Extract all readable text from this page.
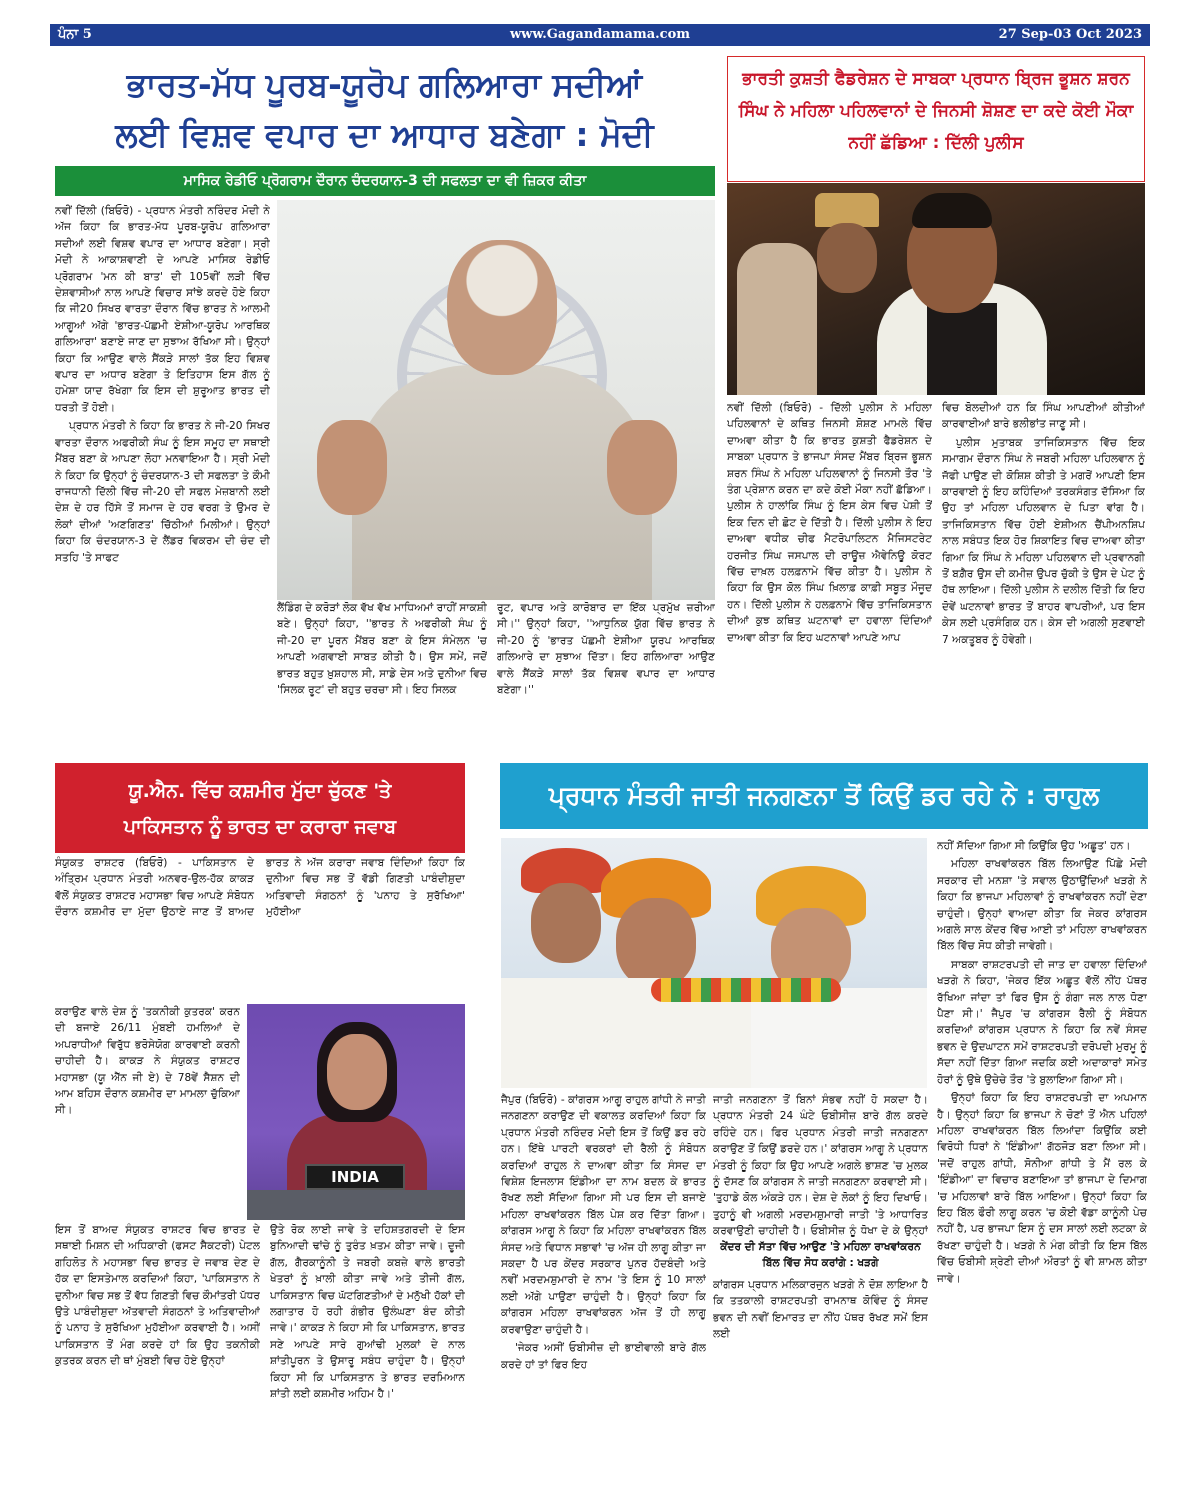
www.Gagandamama.com
ਪੰਨਾ 5	27 Sep-03 Oct 2023
ਭਾਰਤ-ਮੱਧ ਪੂਰਬ-ਯੂਰੋਪ ਗਲਿਆਰਾ ਸਦੀਆਂ
ਲਈ ਵਿਸ਼ਵ ਵਪਾਰ ਦਾ ਆਧਾਰ ਬਣੇਗਾ : ਮੋਦੀ
ਮਾਸਿਕ ਰੇਡੀਓ ਪ੍ਰੋਗਰਾਮ ਦੌਰਾਨ ਚੰਦਰਯਾਨ-3 ਦੀ ਸਫਲਤਾ ਦਾ ਵੀ ਜ਼ਿਕਰ ਕੀਤਾ

ਨਵੀਂ ਦਿੱਲੀ (ਬਿਓਰੋ) - ਪ੍ਰਧਾਨ ਮੰਤਰੀ ਨਰਿੰਦਰ ਮੋਦੀ ਨੇ ਅੱਜ ਕਿਹਾ ਕਿ ਭਾਰਤ-ਮੱਧ ਪੂਰਬ-ਯੂਰੋਪ ਗਲਿਆਰਾ ਸਦੀਆਂ ਲਈ ਵਿਸ਼ਵ ਵਪਾਰ ਦਾ ਆਧਾਰ ਬਣੇਗਾ। ਸ੍ਰੀ ਮੋਦੀ ਨੇ ਆਕਾਸ਼ਵਾਣੀ ਦੇ ਆਪਣੇ ਮਾਸਿਕ ਰੇਡੀਓ ਪ੍ਰੋਗਰਾਮ 'ਮਨ ਕੀ ਬਾਤ' ਦੀ 105ਵੀਂ ਲੜੀ ਵਿੱਚ ਦੇਸ਼ਵਾਸੀਆਂ ਨਾਲ ਆਪਣੇ ਵਿਚਾਰ ਸਾਂਝੇ ਕਰਦੇ ਹੋਏ ਕਿਹਾ ਕਿ ਜੀ20 ਸਿਖਰ ਵਾਰਤਾ ਦੌਰਾਨ ਵਿੱਚ ਭਾਰਤ ਨੇ ਆਲਮੀ ਆਗੂਆਂ ਅੱਗੇ 'ਭਾਰਤ-ਪੱਛਮੀ ਏਸ਼ੀਆ-ਯੂਰੋਪ ਆਰਥਿਕ ਗਲਿਆਰਾ' ਬਣਾਏ ਜਾਣ ਦਾ ਸੁਝਾਅ ਰੱਖਿਆ ਸੀ। ਉਨ੍ਹਾਂ ਕਿਹਾ ਕਿ ਆਉਣ ਵਾਲੇ ਸੈਂਕੜੇ ਸਾਲਾਂ ਤੱਕ ਇਹ ਵਿਸ਼ਵ ਵਪਾਰ ਦਾ ਅਧਾਰ ਬਣੇਗਾ ਤੇ ਇਤਿਹਾਸ ਇਸ ਗੱਲ ਨੂੰ ਹਮੇਸ਼ਾ ਯਾਦ ਰੱਖੇਗਾ ਕਿ ਇਸ ਦੀ ਸ਼ੁਰੂਆਤ ਭਾਰਤ ਦੀ ਧਰਤੀ ਤੋਂ ਹੋਈ।

ਪ੍ਰਧਾਨ ਮੰਤਰੀ ਨੇ ਕਿਹਾ ਕਿ ਭਾਰਤ ਨੇ ਜੀ-20 ਸਿਖਰ ਵਾਰਤਾ ਦੌਰਾਨ ਅਫਰੀਕੀ ਸੰਘ ਨੂੰ ਇਸ ਸਮੂਹ ਦਾ ਸਥਾਈ ਮੈਂਬਰ ਬਣਾ ਕੇ ਆਪਣਾ ਲੋਹਾ ਮਨਵਾਇਆ ਹੈ। ਸ੍ਰੀ ਮੋਦੀ ਨੇ ਕਿਹਾ ਕਿ ਉਨ੍ਹਾਂ ਨੂੰ ਚੰਦਰਯਾਨ-3 ਦੀ ਸਫਲਤਾ ਤੇ ਕੌਮੀ ਰਾਜਧਾਨੀ ਦਿੱਲੀ ਵਿੱਚ ਜੀ-20 ਦੀ ਸਫਲ ਮੇਜ਼ਬਾਨੀ ਲਈ ਦੇਸ਼ ਦੇ ਹਰ ਹਿੱਸੇ ਤੋਂ ਸਮਾਜ ਦੇ ਹਰ ਵਰਗ ਤੇ ਉਮਰ ਦੇ ਲੋਕਾਂ ਦੀਆਂ 'ਅਣਗਿਣਤ' ਚਿੱਠੀਆਂ ਮਿਲੀਆਂ। ਉਨ੍ਹਾਂ ਕਿਹਾ ਕਿ ਚੰਦਰਯਾਨ-3 ਦੇ ਲੈਂਡਰ ਵਿਕਰਮ ਦੀ ਚੰਦ ਦੀ ਸਤਹਿ 'ਤੇ ਸਾਫਟ

ਲੈਂਡਿੰਗ ਦੇ ਕਰੋੜਾਂ ਲੋਕ ਵੱਖ ਵੱਖ ਮਾਧਿਅਮਾਂ ਰਾਹੀਂ ਸਾਕਸ਼ੀ ਬਣੇ। ਉਨ੍ਹਾਂ ਕਿਹਾ, ''ਭਾਰਤ ਨੇ ਅਫਰੀਕੀ ਸੰਘ ਨੂੰ ਜੀ-20 ਦਾ ਪੂਰਨ ਮੈਂਬਰ ਬਣਾ ਕੇ ਇਸ ਸੰਮੇਲਨ 'ਚ ਆਪਣੀ ਅਗਵਾਈ ਸਾਬਤ ਕੀਤੀ ਹੈ। ਉਸ ਸਮੇਂ, ਜਦੋਂ ਭਾਰਤ ਬਹੁਤ ਖ਼ੁਸ਼ਹਾਲ ਸੀ, ਸਾਡੇ ਦੇਸ ਅਤੇ ਦੁਨੀਆ ਵਿਚ 'ਸਿਲਕ ਰੂਟ' ਦੀ ਬਹੁਤ ਚਰਚਾ ਸੀ। ਇਹ ਸਿਲਕ

ਰੂਟ, ਵਪਾਰ ਅਤੇ ਕਾਰੋਬਾਰ ਦਾ ਇੱਕ ਪ੍ਰਮੁੱਖ ਜ਼ਰੀਆ ਸੀ।'' ਉਨ੍ਹਾਂ ਕਿਹਾ, ''ਆਧੁਨਿਕ ਯੁੱਗ ਵਿੱਚ ਭਾਰਤ ਨੇ ਜੀ-20 ਨੂੰ 'ਭਾਰਤ ਪੱਛਮੀ ਏਸ਼ੀਆ ਯੂਰਪ ਆਰਥਿਕ ਗਲਿਆਰੇ ਦਾ ਸੁਝਾਅ ਦਿੱਤਾ। ਇਹ ਗਲਿਆਰਾ ਆਉਣ ਵਾਲੇ ਸੈਂਕੜੇ ਸਾਲਾਂ ਤੱਕ ਵਿਸ਼ਵ ਵਪਾਰ ਦਾ ਆਧਾਰ ਬਣੇਗਾ।''

ਭਾਰਤੀ ਕੁਸ਼ਤੀ ਫੈਡਰੇਸ਼ਨ ਦੇ ਸਾਬਕਾ ਪ੍ਰਧਾਨ ਬ੍ਰਿਜ ਭੂਸ਼ਨ ਸ਼ਰਨ ਸਿੰਘ ਨੇ ਮਹਿਲਾ ਪਹਿਲਵਾਨਾਂ ਦੇ ਜਿਨਸੀ ਸ਼ੋਸ਼ਣ ਦਾ ਕਦੇ ਕੋਈ ਮੌਕਾ ਨਹੀਂ ਛੱਡਿਆ : ਦਿੱਲੀ ਪੁਲੀਸ

ਨਵੀਂ ਦਿੱਲੀ (ਬਿਓਰੋ) - ਦਿੱਲੀ ਪੁਲੀਸ ਨੇ ਮਹਿਲਾ ਪਹਿਲਵਾਨਾਂ ਦੇ ਕਥਿਤ ਜਿਨਸੀ ਸ਼ੋਸ਼ਣ ਮਾਮਲੇ ਵਿੱਚ ਦਾਅਵਾ ਕੀਤਾ ਹੈ ਕਿ ਭਾਰਤ ਕੁਸ਼ਤੀ ਫੈਡਰੇਸ਼ਨ ਦੇ ਸਾਬਕਾ ਪ੍ਰਧਾਨ ਤੇ ਭਾਜਪਾ ਸੰਸਦ ਮੈਂਬਰ ਬ੍ਰਿਜ ਭੂਸ਼ਨ ਸ਼ਰਨ ਸਿੰਘ ਨੇ ਮਹਿਲਾ ਪਹਿਲਵਾਨਾਂ ਨੂੰ ਜਿਨਸੀ ਤੌਰ 'ਤੇ ਤੰਗ ਪ੍ਰੇਸ਼ਾਨ ਕਰਨ ਦਾ ਕਦੇ ਕੋਈ ਮੌਕਾ ਨਹੀਂ ਛੱਡਿਆ। ਪੁਲੀਸ ਨੇ ਹਾਲਾਂਕਿ ਸਿੰਘ ਨੂੰ ਇਸ ਕੇਸ ਵਿਚ ਪੇਸ਼ੀ ਤੋਂ ਇਕ ਦਿਨ ਦੀ ਛੋਟ ਦੇ ਦਿੱਤੀ ਹੈ। ਦਿੱਲੀ ਪੁਲੀਸ ਨੇ ਇਹ ਦਾਅਵਾ ਵਧੀਕ ਚੀਫ ਮੈਟਰੋਪਾਲਿਟਨ ਮੈਜਿਸਟਰੇਟ ਹਰਜੀਤ ਸਿੰਘ ਜਸਪਾਲ ਦੀ ਰਾਊਜ਼ ਐਵੇਨਿਊ ਕੋਰਟ ਵਿੱਚ ਦਾਖ਼ਲ ਹਲਫ਼ਨਾਮੇ ਵਿੱਚ ਕੀਤਾ ਹੈ। ਪੁਲੀਸ ਨੇ ਕਿਹਾ ਕਿ ਉਸ ਕੋਲ ਸਿੰਘ ਖ਼ਿਲਾਫ਼ ਕਾਫ਼ੀ ਸਬੂਤ ਮੌਜੂਦ ਹਨ। ਦਿੱਲੀ ਪੁਲੀਸ ਨੇ ਹਲਫ਼ਨਾਮੇ ਵਿੱਚ ਤਾਜਿਕਿਸਤਾਨ ਦੀਆਂ ਕੁਝ ਕਥਿਤ ਘਟਨਾਵਾਂ ਦਾ ਹਵਾਲਾ ਦਿੰਦਿਆਂ ਦਾਅਵਾ ਕੀਤਾ ਕਿ ਇਹ ਘਟਨਾਵਾਂ ਆਪਣੇ ਆਪ

ਵਿਚ ਬੋਲਦੀਆਂ ਹਨ ਕਿ ਸਿੰਘ ਆਪਣੀਆਂ ਕੀਤੀਆਂ ਕਾਰਵਾਈਆਂ ਬਾਰੇ ਭਲੀਭਾਂਤ ਜਾਣੂ ਸੀ।

ਪੁਲੀਸ ਮੁਤਾਬਕ ਤਾਜਿਕਿਸਤਾਨ ਵਿੱਚ ਇਕ ਸਮਾਗਮ ਦੌਰਾਨ ਸਿੰਘ ਨੇ ਜਬਰੀ ਮਹਿਲਾ ਪਹਿਲਵਾਨ ਨੂੰ ਜੱਫੀ ਪਾਉਣ ਦੀ ਕੋਸ਼ਿਸ਼ ਕੀਤੀ ਤੇ ਮਗਰੋਂ ਆਪਣੀ ਇਸ ਕਾਰਵਾਈ ਨੂੰ ਇਹ ਕਹਿੰਦਿਆਂ ਤਰਕਸੰਗਤ ਦੱਸਿਆ ਕਿ ਉਹ ਤਾਂ ਮਹਿਲਾ ਪਹਿਲਵਾਨ ਦੇ ਪਿਤਾ ਵਾਂਗ ਹੈ। ਤਾਜਿਕਿਸਤਾਨ ਵਿੱਚ ਹੋਈ ਏਸ਼ੀਅਨ ਚੈਂਪੀਅਨਸ਼ਿਪ ਨਾਲ ਸਬੰਧਤ ਇਕ ਹੋਰ ਸ਼ਿਕਾਇਤ ਵਿਚ ਦਾਅਵਾ ਕੀਤਾ ਗਿਆ ਕਿ ਸਿੰਘ ਨੇ ਮਹਿਲਾ ਪਹਿਲਵਾਨ ਦੀ ਪ੍ਰਵਾਨਗੀ ਤੋਂ ਬਗ਼ੈਰ ਉਸ ਦੀ ਕਮੀਜ਼ ਉਪਰ ਚੁੱਕੀ ਤੇ ਉਸ ਦੇ ਪੇਟ ਨੂੰ ਹੱਥ ਲਾਇਆ। ਦਿੱਲੀ ਪੁਲੀਸ ਨੇ ਦਲੀਲ ਦਿੱਤੀ ਕਿ ਇਹ ਦੋਵੇਂ ਘਟਨਾਵਾਂ ਭਾਰਤ ਤੋਂ ਬਾਹਰ ਵਾਪਰੀਆਂ, ਪਰ ਇਸ ਕੇਸ ਲਈ ਪ੍ਰਸੰਗਿਕ ਹਨ। ਕੇਸ ਦੀ ਅਗਲੀ ਸੁਣਵਾਈ 7 ਅਕਤੂਬਰ ਨੂੰ ਹੋਵੇਗੀ।

ਯੂ.ਐਨ. ਵਿੱਚ ਕਸ਼ਮੀਰ ਮੁੱਦਾ ਚੁੱਕਣ 'ਤੇ
ਪਾਕਿਸਤਾਨ ਨੂੰ ਭਾਰਤ ਦਾ ਕਰਾਰਾ ਜਵਾਬ

ਸੰਯੁਕਤ ਰਾਸ਼ਟਰ (ਬਿਓਰੋ) - ਪਾਕਿਸਤਾਨ ਦੇ ਅੰਤ੍ਰਿਮ ਪ੍ਰਧਾਨ ਮੰਤਰੀ ਅਨਵਰ-ਉਲ-ਹੱਕ ਕਾਕੜ ਵੱਲੋਂ ਸੰਯੁਕਤ ਰਾਸ਼ਟਰ ਮਹਾਸਭਾ ਵਿਚ ਆਪਣੇ ਸੰਬੋਧਨ ਦੌਰਾਨ ਕਸ਼ਮੀਰ ਦਾ ਮੁੱਦਾ ਉਠਾਏ ਜਾਣ ਤੋਂ ਬਾਅਦ ਭਾਰਤ ਨੇ ਅੱਜ ਕਰਾਰਾ ਜਵਾਬ ਦਿੰਦਿਆਂ ਕਿਹਾ ਕਿ ਦੁਨੀਆ ਵਿਚ ਸਭ ਤੋਂ ਵੱਡੀ ਗਿਣਤੀ ਪਾਬੰਦੀਸ਼ੁਦਾ ਅਤਿਵਾਦੀ ਸੰਗਠਨਾਂ ਨੂੰ 'ਪਨਾਹ ਤੇ ਸੁਰੱਖਿਆ' ਮੁਹੱਈਆ

ਕਰਾਉਣ ਵਾਲੇ ਦੇਸ਼ ਨੂੰ 'ਤਕਨੀਕੀ ਕੁਤਰਕ' ਕਰਨ ਦੀ ਬਜਾਏ 26/11 ਮੁੰਬਈ ਹਮਲਿਆਂ ਦੇ ਅਪਰਾਧੀਆਂ ਵਿਰੁੱਧ ਭਰੋਸੇਯੋਗ ਕਾਰਵਾਈ ਕਰਨੀ ਚਾਹੀਦੀ ਹੈ। ਕਾਕੜ ਨੇ ਸੰਯੁਕਤ ਰਾਸ਼ਟਰ ਮਹਾਸਭਾ (ਯੂ ਐੱਨ ਜੀ ਏ) ਦੇ 78ਵੇਂ ਸੈਸ਼ਨ ਦੀ ਆਮ ਬਹਿਸ ਦੌਰਾਨ ਕਸ਼ਮੀਰ ਦਾ ਮਾਮਲਾ ਚੁੱਕਿਆ ਸੀ।

INDIA

ਇਸ ਤੋਂ ਬਾਅਦ ਸੰਯੁਕਤ ਰਾਸ਼ਟਰ ਵਿਚ ਭਾਰਤ ਦੇ ਸਥਾਈ ਮਿਸ਼ਨ ਦੀ ਅਧਿਕਾਰੀ (ਫਸਟ ਸੈਕਟਰੀ) ਪੇਟਲ ਗਹਿਲੋਤ ਨੇ ਮਹਾਸਭਾ ਵਿਚ ਭਾਰਤ ਦੇ ਜਵਾਬ ਦੇਣ ਦੇ ਹੱਕ ਦਾ ਇਸਤੇਮਾਲ ਕਰਦਿਆਂ ਕਿਹਾ, 'ਪਾਕਿਸਤਾਨ ਨੇ ਦੁਨੀਆ ਵਿਚ ਸਭ ਤੋਂ ਵੱਧ ਗਿਣਤੀ ਵਿਚ ਕੌਮਾਂਤਰੀ ਪੱਧਰ ਉਤੇ ਪਾਬੰਦੀਸ਼ੁਦਾ ਅੱਤਵਾਦੀ ਸੰਗਠਨਾਂ ਤੇ ਅਤਿਵਾਦੀਆਂ ਨੂੰ ਪਨਾਹ ਤੇ ਸੁਰੱਖਿਆ ਮੁਹੱਈਆ ਕਰਵਾਈ ਹੈ। ਅਸੀਂ ਪਾਕਿਸਤਾਨ ਤੋਂ ਮੰਗ ਕਰਦੇ ਹਾਂ ਕਿ ਉਹ ਤਕਨੀਕੀ ਕੁਤਰਕ ਕਰਨ ਦੀ ਥਾਂ ਮੁੰਬਈ ਵਿਚ ਹੋਏ ਉਨ੍ਹਾਂ

ਉਤੇ ਰੋਕ ਲਾਈ ਜਾਵੇ ਤੇ ਦਹਿਸ਼ਤਗਰਦੀ ਦੇ ਇਸ ਬੁਨਿਆਦੀ ਢਾਂਚੇ ਨੂੰ ਤੁਰੰਤ ਖ਼ਤਮ ਕੀਤਾ ਜਾਵੇ। ਦੂਜੀ ਗੱਲ, ਗੈਰਕਾਨੂੰਨੀ ਤੇ ਜਬਰੀ ਕਬਜ਼ੇ ਵਾਲੇ ਭਾਰਤੀ ਖੇਤਰਾਂ ਨੂੰ ਖ਼ਾਲੀ ਕੀਤਾ ਜਾਵੇ ਅਤੇ ਤੀਜੀ ਗੱਲ, ਪਾਕਿਸਤਾਨ ਵਿਚ ਘੱਟਗਿਣਤੀਆਂ ਦੇ ਮਨੁੱਖੀ ਹੱਕਾਂ ਦੀ ਲਗਾਤਾਰ ਹੋ ਰਹੀ ਗੰਭੀਰ ਉਲੰਘਣਾ ਬੰਦ ਕੀਤੀ ਜਾਵੇ।' ਕਾਕੜ ਨੇ ਕਿਹਾ ਸੀ ਕਿ ਪਾਕਿਸਤਾਨ, ਭਾਰਤ ਸਣੇ ਆਪਣੇ ਸਾਰੇ ਗੁਆਂਢੀ ਮੁਲਕਾਂ ਦੇ ਨਾਲ ਸ਼ਾਂਤੀਪੂਰਨ ਤੇ ਉਸਾਰੂ ਸਬੰਧ ਚਾਹੁੰਦਾ ਹੈ। ਉਨ੍ਹਾਂ ਕਿਹਾ ਸੀ ਕਿ ਪਾਕਿਸਤਾਨ ਤੇ ਭਾਰਤ ਦਰਮਿਆਨ ਸ਼ਾਂਤੀ ਲਈ ਕਸ਼ਮੀਰ ਅਹਿਮ ਹੈ।'

ਪ੍ਰਧਾਨ ਮੰਤਰੀ ਜਾਤੀ ਜਨਗਣਨਾ ਤੋਂ ਕਿਉਂ ਡਰ ਰਹੇ ਨੇ : ਰਾਹੁਲ

ਜੈਪੁਰ (ਬਿਓਰੋ) - ਕਾਂਗਰਸ ਆਗੂ ਰਾਹੁਲ ਗਾਂਧੀ ਨੇ ਜਾਤੀ ਜਨਗਣਨਾ ਕਰਾਉਣ ਦੀ ਵਕਾਲਤ ਕਰਦਿਆਂ ਕਿਹਾ ਕਿ ਪ੍ਰਧਾਨ ਮੰਤਰੀ ਨਰਿੰਦਰ ਮੋਦੀ ਇਸ ਤੋਂ ਕਿਉਂ ਡਰ ਰਹੇ ਹਨ। ਇੱਥੇ ਪਾਰਟੀ ਵਰਕਰਾਂ ਦੀ ਰੈਲੀ ਨੂੰ ਸੰਬੋਧਨ ਕਰਦਿਆਂ ਰਾਹੁਲ ਨੇ ਦਾਅਵਾ ਕੀਤਾ ਕਿ ਸੰਸਦ ਦਾ ਵਿਸ਼ੇਸ਼ ਇਜਲਾਸ ਇੰਡੀਆ ਦਾ ਨਾਮ ਬਦਲ ਕੇ ਭਾਰਤ ਰੱਖਣ ਲਈ ਸੱਦਿਆ ਗਿਆ ਸੀ ਪਰ ਇਸ ਦੀ ਬਜਾਏ ਮਹਿਲਾ ਰਾਖਵਾਂਕਰਨ ਬਿੱਲ ਪੇਸ਼ ਕਰ ਦਿੱਤਾ ਗਿਆ। ਕਾਂਗਰਸ ਆਗੂ ਨੇ ਕਿਹਾ ਕਿ ਮਹਿਲਾ ਰਾਖਵਾਂਕਰਨ ਬਿੱਲ ਸੰਸਦ ਅਤੇ ਵਿਧਾਨ ਸਭਾਵਾਂ 'ਚ ਅੱਜ ਹੀ ਲਾਗੂ ਕੀਤਾ ਜਾ ਸਕਦਾ ਹੈ ਪਰ ਕੇਂਦਰ ਸਰਕਾਰ ਪੁਨਰ ਹੱਦਬੰਦੀ ਅਤੇ ਨਵੀਂ ਮਰਦਮਸ਼ੁਮਾਰੀ ਦੇ ਨਾਮ 'ਤੇ ਇਸ ਨੂੰ 10 ਸਾਲਾਂ ਲਈ ਅੱਗੇ ਪਾਉਣਾ ਚਾਹੁੰਦੀ ਹੈ। ਉਨ੍ਹਾਂ ਕਿਹਾ ਕਿ ਕਾਂਗਰਸ ਮਹਿਲਾ ਰਾਖਵਾਂਕਰਨ ਅੱਜ ਤੋਂ ਹੀ ਲਾਗੂ ਕਰਵਾਉਣਾ ਚਾਹੁੰਦੀ ਹੈ।

'ਜੇਕਰ ਅਸੀਂ ਓਬੀਸੀਜ਼ ਦੀ ਭਾਈਵਾਲੀ ਬਾਰੇ ਗੱਲ ਕਰਦੇ ਹਾਂ ਤਾਂ ਫਿਰ ਇਹ

ਜਾਤੀ ਜਨਗਣਨਾ ਤੋਂ ਬਿਨਾਂ ਸੰਭਵ ਨਹੀਂ ਹੋ ਸਕਦਾ ਹੈ। ਪ੍ਰਧਾਨ ਮੰਤਰੀ 24 ਘੰਟੇ ਓਬੀਸੀਜ਼ ਬਾਰੇ ਗੱਲ ਕਰਦੇ ਰਹਿੰਦੇ ਹਨ। ਫਿਰ ਪ੍ਰਧਾਨ ਮੰਤਰੀ ਜਾਤੀ ਜਨਗਣਨਾ ਕਰਾਉਣ ਤੋਂ ਕਿਉਂ ਡਰਦੇ ਹਨ।' ਕਾਂਗਰਸ ਆਗੂ ਨੇ ਪ੍ਰਧਾਨ ਮੰਤਰੀ ਨੂੰ ਕਿਹਾ ਕਿ ਉਹ ਆਪਣੇ ਅਗਲੇ ਭਾਸ਼ਣ 'ਚ ਮੁਲਕ ਨੂੰ ਦੱਸਣ ਕਿ ਕਾਂਗਰਸ ਨੇ ਜਾਤੀ ਜਨਗਣਨਾ ਕਰਵਾਈ ਸੀ। 'ਤੁਹਾਡੇ ਕੋਲ ਅੰਕੜੇ ਹਨ। ਦੇਸ਼ ਦੇ ਲੋਕਾਂ ਨੂੰ ਇਹ ਦਿਖਾਓ। ਤੁਹਾਨੂੰ ਵੀ ਅਗਲੀ ਮਰਦਮਸ਼ੁਮਾਰੀ ਜਾਤੀ 'ਤੇ ਆਧਾਰਿਤ ਕਰਵਾਉਣੀ ਚਾਹੀਦੀ ਹੈ। ਓਬੀਸੀਜ਼ ਨੂੰ ਧੋਖਾ ਦੇ ਕੇ ਉਨ੍ਹਾਂ

ਕੇਂਦਰ ਦੀ ਸੱਤਾ ਵਿੱਚ ਆਉਣ 'ਤੇ ਮਹਿਲਾ ਰਾਖਵਾਂਕਰਨ ਬਿੱਲ ਵਿੱਚ ਸੋਧ ਕਰਾਂਗੇ : ਖੜਗੇ

ਕਾਂਗਰਸ ਪ੍ਰਧਾਨ ਮਲਿਕਾਰਜੁਨ ਖੜਗੇ ਨੇ ਦੋਸ਼ ਲਾਇਆ ਹੈ ਕਿ ਤਤਕਾਲੀ ਰਾਸ਼ਟਰਪਤੀ ਰਾਮਨਾਥ ਕੋਵਿੰਦ ਨੂੰ ਸੰਸਦ ਭਵਨ ਦੀ ਨਵੀਂ ਇਮਾਰਤ ਦਾ ਨੀਂਹ ਪੱਥਰ ਰੱਖਣ ਸਮੇਂ ਇਸ ਲਈ

ਨਹੀਂ ਸੱਦਿਆ ਗਿਆ ਸੀ ਕਿਉਂਕਿ ਉਹ 'ਅਛੂਤ' ਹਨ।

ਮਹਿਲਾ ਰਾਖਵਾਂਕਰਨ ਬਿੱਲ ਲਿਆਉਣ ਪਿੱਛੇ ਮੋਦੀ ਸਰਕਾਰ ਦੀ ਮਨਸ਼ਾ 'ਤੇ ਸਵਾਲ ਉਠਾਉਂਦਿਆਂ ਖੜਗੇ ਨੇ ਕਿਹਾ ਕਿ ਭਾਜਪਾ ਮਹਿਲਾਵਾਂ ਨੂੰ ਰਾਖਵਾਂਕਰਨ ਨਹੀਂ ਦੇਣਾ ਚਾਹੁੰਦੀ। ਉਨ੍ਹਾਂ ਵਾਅਦਾ ਕੀਤਾ ਕਿ ਜੇਕਰ ਕਾਂਗਰਸ ਅਗਲੇ ਸਾਲ ਕੇਂਦਰ ਵਿੱਚ ਆਈ ਤਾਂ ਮਹਿਲਾ ਰਾਖਵਾਂਕਰਨ ਬਿੱਲ ਵਿੱਚ ਸੋਧ ਕੀਤੀ ਜਾਵੇਗੀ।

ਸਾਬਕਾ ਰਾਸ਼ਟਰਪਤੀ ਦੀ ਜਾਤ ਦਾ ਹਵਾਲਾ ਦਿੰਦਿਆਂ ਖੜਗੇ ਨੇ ਕਿਹਾ, 'ਜੇਕਰ ਇੱਕ ਅਛੂਤ ਵੱਲੋਂ ਨੀਂਹ ਪੱਥਰ ਰੱਖਿਆ ਜਾਂਦਾ ਤਾਂ ਫਿਰ ਉਸ ਨੂੰ ਗੰਗਾ ਜਲ ਨਾਲ ਧੋਣਾ ਪੈਣਾ ਸੀ।' ਜੈਪੁਰ 'ਚ ਕਾਂਗਰਸ ਰੈਲੀ ਨੂੰ ਸੰਬੋਧਨ ਕਰਦਿਆਂ ਕਾਂਗਰਸ ਪ੍ਰਧਾਨ ਨੇ ਕਿਹਾ ਕਿ ਨਵੇਂ ਸੰਸਦ ਭਵਨ ਦੇ ਉਦਘਾਟਨ ਸਮੇਂ ਰਾਸ਼ਟਰਪਤੀ ਦਰੋਪਦੀ ਮੁਰਮੂ ਨੂੰ ਸੱਦਾ ਨਹੀਂ ਦਿੱਤਾ ਗਿਆ ਜਦਕਿ ਕਈ ਅਦਾਕਾਰਾਂ ਸਮੇਤ ਹੋਰਾਂ ਨੂੰ ਉਥੇ ਉਚੇਚੇ ਤੌਰ 'ਤੇ ਬੁਲਾਇਆ ਗਿਆ ਸੀ।

ਉਨ੍ਹਾਂ ਕਿਹਾ ਕਿ ਇਹ ਰਾਸ਼ਟਰਪਤੀ ਦਾ ਅਪਮਾਨ ਹੈ। ਉਨ੍ਹਾਂ ਕਿਹਾ ਕਿ ਭਾਜਪਾ ਨੇ ਚੋਣਾਂ ਤੋਂ ਐਨ ਪਹਿਲਾਂ ਮਹਿਲਾ ਰਾਖਵਾਂਕਰਨ ਬਿੱਲ ਲਿਆਂਦਾ ਕਿਉਂਕਿ ਕਈ ਵਿਰੋਧੀ ਧਿਰਾਂ ਨੇ 'ਇੰਡੀਆ' ਗੱਠਜੋੜ ਬਣਾ ਲਿਆ ਸੀ। 'ਜਦੋਂ ਰਾਹੁਲ ਗਾਂਧੀ, ਸੋਨੀਆ ਗਾਂਧੀ ਤੇ ਮੈਂ ਰਲ ਕੇ 'ਇੰਡੀਆ' ਦਾ ਵਿਚਾਰ ਬਣਾਇਆ ਤਾਂ ਭਾਜਪਾ ਦੇ ਦਿਮਾਗ 'ਚ ਮਹਿਲਾਵਾਂ ਬਾਰੇ ਬਿੱਲ ਆਇਆ। ਉਨ੍ਹਾਂ ਕਿਹਾ ਕਿ ਇਹ ਬਿੱਲ ਫੌਰੀ ਲਾਗੂ ਕਰਨ 'ਚ ਕੋਈ ਵੱਡਾ ਕਾਨੂੰਨੀ ਪੇਚ ਨਹੀਂ ਹੈ, ਪਰ ਭਾਜਪਾ ਇਸ ਨੂੰ ਦਸ ਸਾਲਾਂ ਲਈ ਲਟਕਾ ਕੇ ਰੱਖਣਾ ਚਾਹੁੰਦੀ ਹੈ। ਖੜਗੇ ਨੇ ਮੰਗ ਕੀਤੀ ਕਿ ਇਸ ਬਿੱਲ ਵਿੱਚ ਓਬੀਸੀ ਸ਼੍ਰੇਣੀ ਦੀਆਂ ਔਰਤਾਂ ਨੂੰ ਵੀ ਸ਼ਾਮਲ ਕੀਤਾ ਜਾਵੇ।
